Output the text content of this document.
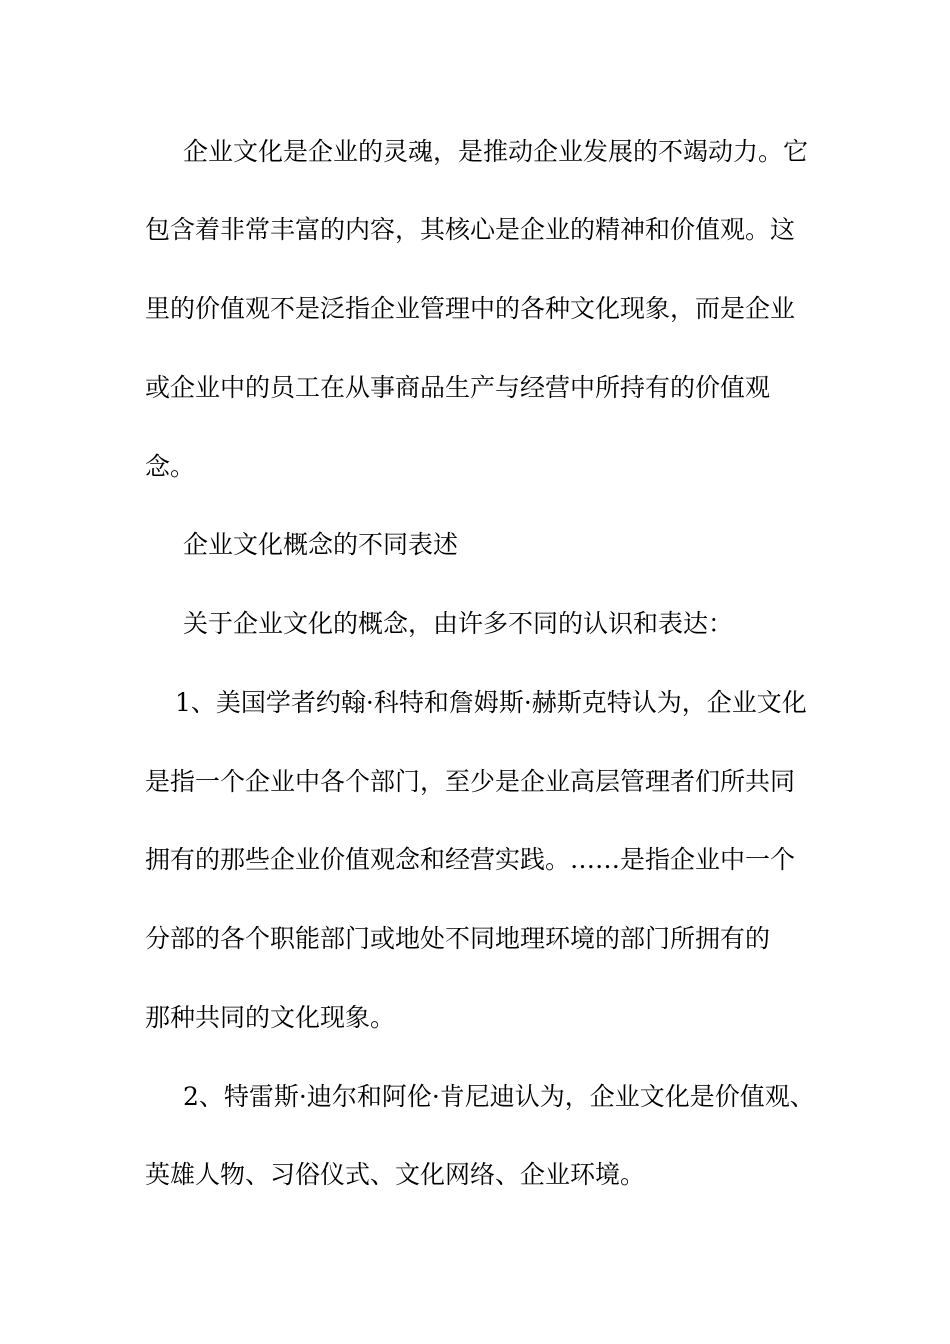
企业文化是企业的灵魂，是推动企业发展的不竭动力。它
包含着非常丰富的内容，其核心是企业的精神和价值观。这
里的价值观不是泛指企业管理中的各种文化现象，而是企业
或企业中的员工在从事商品生产与经营中所持有的价值观
念。
企业文化概念的不同表述
关于企业文化的概念，由许多不同的认识和表达：
1、美国学者约翰·科特和詹姆斯·赫斯克特认为，企业文化
是指一个企业中各个部门，至少是企业高层管理者们所共同
拥有的那些企业价值观念和经营实践。……是指企业中一个
分部的各个职能部门或地处不同地理环境的部门所拥有的
那种共同的文化现象。
2、特雷斯·迪尔和阿伦·肯尼迪认为，企业文化是价值观、
英雄人物、习俗仪式、文化网络、企业环境。
